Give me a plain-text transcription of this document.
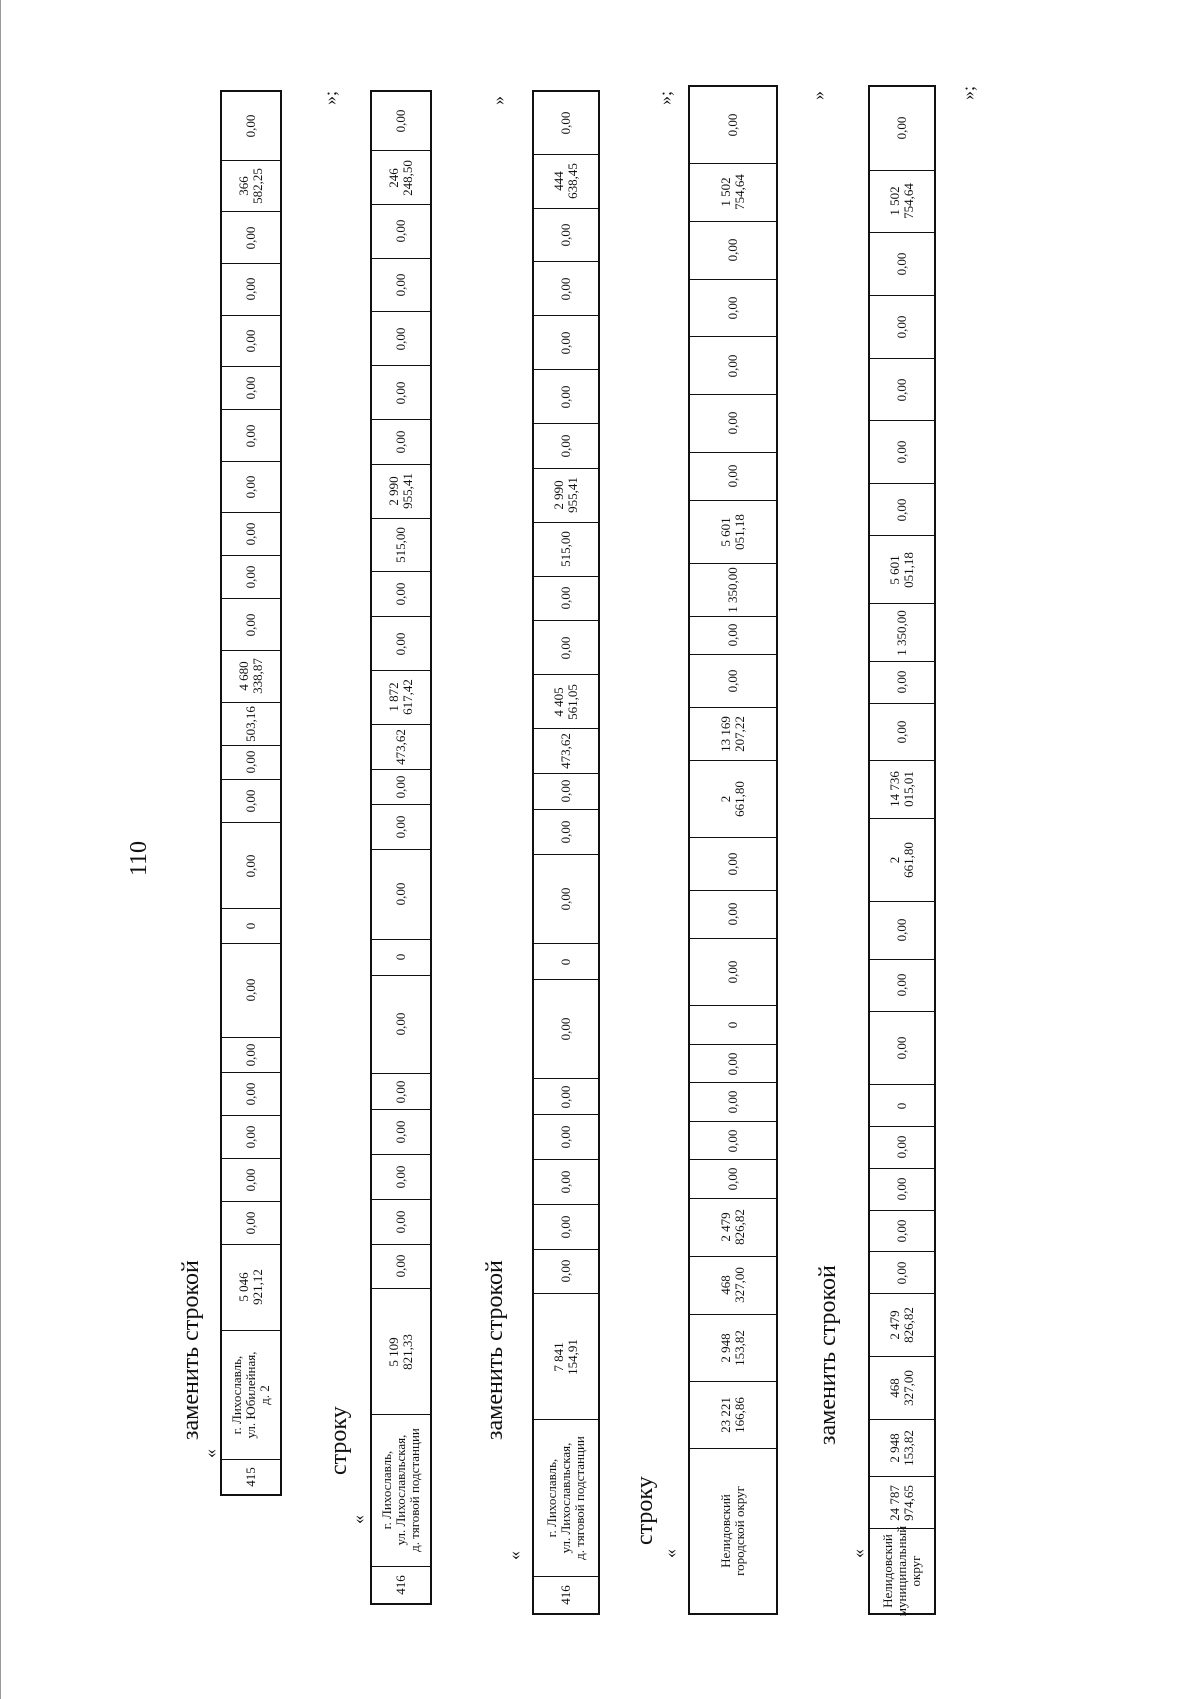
110
заменить строкой
«
415
г. Лихославль,
ул. Юбилейная,
д. 2
5 046
921,12
0,00
0,00
0,00
0,00
0,00
0,00
0
0,00
0,00
0,00
503,16
4 680
338,87
0,00
0,00
0,00
0,00
0,00
0,00
0,00
0,00
0,00
366
582,25
0,00
»;
строку
«
416
г. Лихославль,
ул. Лихославльская,
д. тяговой подстанции
5 109
821,33
0,00
0,00
0,00
0,00
0,00
0,00
0
0,00
0,00
0,00
473,62
1 872
617,42
0,00
0,00
515,00
2 990
955,41
0,00
0,00
0,00
0,00
0,00
246
248,50
0,00
»
заменить строкой
«
416
г. Лихославль,
ул. Лихославльская,
д. тяговой подстанции
7 841
154,91
0,00
0,00
0,00
0,00
0,00
0,00
0
0,00
0,00
0,00
473,62
4 405
561,05
0,00
0,00
515,00
2 990
955,41
0,00
0,00
0,00
0,00
0,00
444
638,45
0,00
»;
строку
«	Нелидовский
городской округ
23 221
166,86
2 948
153,82
468
327,00
2 479
826,82
0,00
0,00
0,00
0,00
0
0,00
0,00
0,00
2
661,80
13 169
207,22
0,00
0,00
1 350,00
5 601
051,18
0,00
0,00
0,00
0,00
0,00
1 502
754,64
0,00
»
заменить строкой
« Нелидовский
муниципальный
округ
24 787
974,65
2 948
153,82
468
327,00
2 479
826,82
0,00
0,00
0,00
0,00
0
0,00
0,00
0,00
2
661,80
14 736
015,01
0,00
0,00
1 350,00
5 601
051,18
0,00
0,00
0,00
0,00
0,00
1 502
754,64
0,00
»;
